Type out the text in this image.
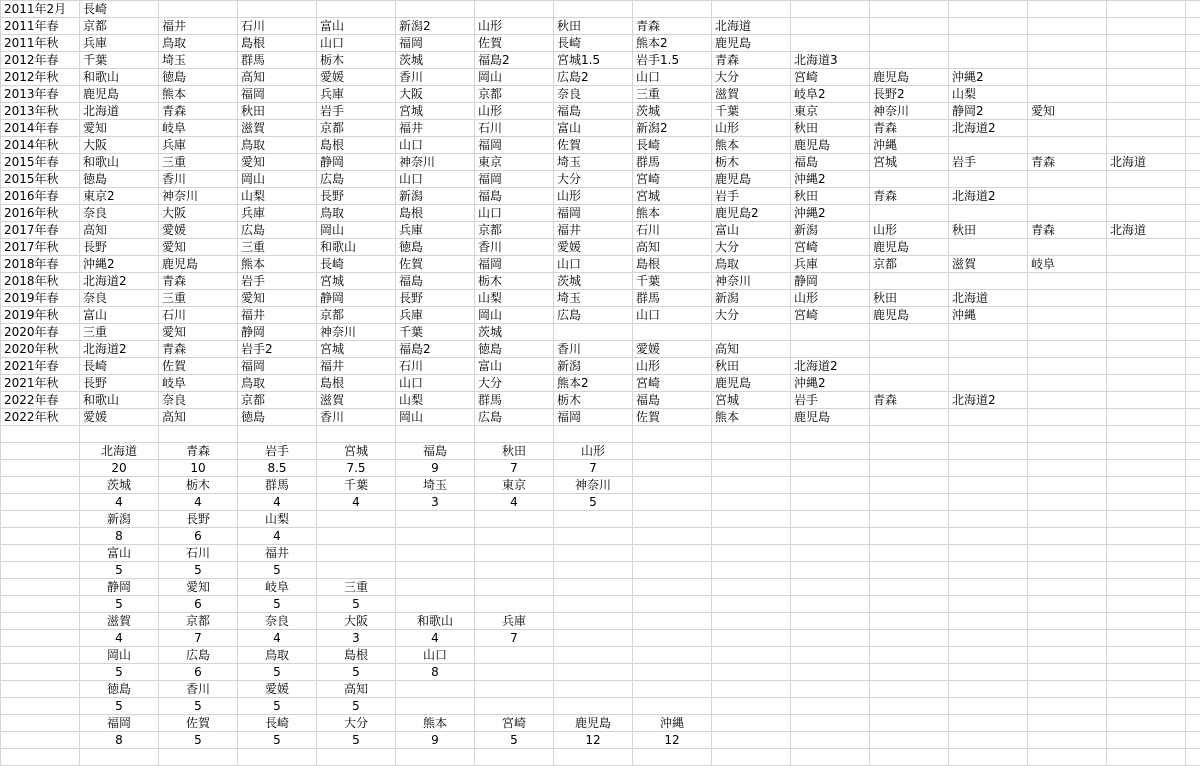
2011年2月	長崎														
2011年春	京都	福井	石川	富山	新潟2	山形	秋田	青森	北海道						
2011年秋	兵庫	鳥取	島根	山口	福岡	佐賀	長崎	熊本2	鹿児島						
2012年春	千葉	埼玉	群馬	栃木	茨城	福島2	宮城1.5	岩手1.5	青森	北海道3					
2012年秋	和歌山	徳島	高知	愛媛	香川	岡山	広島2	山口	大分	宮崎	鹿児島	沖縄2			
2013年春	鹿児島	熊本	福岡	兵庫	大阪	京都	奈良	三重	滋賀	岐阜2	長野2	山梨			
2013年秋	北海道	青森	秋田	岩手	宮城	山形	福島	茨城	千葉	東京	神奈川	静岡2	愛知		
2014年春	愛知	岐阜	滋賀	京都	福井	石川	富山	新潟2	山形	秋田	青森	北海道2			
2014年秋	大阪	兵庫	鳥取	島根	山口	福岡	佐賀	長崎	熊本	鹿児島	沖縄				
2015年春	和歌山	三重	愛知	静岡	神奈川	東京	埼玉	群馬	栃木	福島	宮城	岩手	青森	北海道	
2015年秋	徳島	香川	岡山	広島	山口	福岡	大分	宮崎	鹿児島	沖縄2					
2016年春	東京2	神奈川	山梨	長野	新潟	福島	山形	宮城	岩手	秋田	青森	北海道2			
2016年秋	奈良	大阪	兵庫	鳥取	島根	山口	福岡	熊本	鹿児島2	沖縄2					
2017年春	高知	愛媛	広島	岡山	兵庫	京都	福井	石川	富山	新潟	山形	秋田	青森	北海道	
2017年秋	長野	愛知	三重	和歌山	徳島	香川	愛媛	高知	大分	宮崎	鹿児島				
2018年春	沖縄2	鹿児島	熊本	長崎	佐賀	福岡	山口	島根	鳥取	兵庫	京都	滋賀	岐阜		
2018年秋	北海道2	青森	岩手	宮城	福島	栃木	茨城	千葉	神奈川	静岡					
2019年春	奈良	三重	愛知	静岡	長野	山梨	埼玉	群馬	新潟	山形	秋田	北海道			
2019年秋	富山	石川	福井	京都	兵庫	岡山	広島	山口	大分	宮崎	鹿児島	沖縄			
2020年春	三重	愛知	静岡	神奈川	千葉	茨城									
2020年秋	北海道2	青森	岩手2	宮城	福島2	徳島	香川	愛媛	高知						
2021年春	長崎	佐賀	福岡	福井	石川	富山	新潟	山形	秋田	北海道2					
2021年秋	長野	岐阜	鳥取	島根	山口	大分	熊本2	宮崎	鹿児島	沖縄2					
2022年春	和歌山	奈良	京都	滋賀	山梨	群馬	栃木	福島	宮城	岩手	青森	北海道2			
2022年秋	愛媛	高知	徳島	香川	岡山	広島	福岡	佐賀	熊本	鹿児島					

	北海道	青森	岩手	宮城	福島	秋田	山形								
	20	10	8.5	7.5	9	7	7								
	茨城	栃木	群馬	千葉	埼玉	東京	神奈川								
	4	4	4	4	3	4	5								
	新潟	長野	山梨												
	8	6	4												
	富山	石川	福井												
	5	5	5												
	静岡	愛知	岐阜	三重											
	5	6	5	5											
	滋賀	京都	奈良	大阪	和歌山	兵庫									
	4	7	4	3	4	7									
	岡山	広島	鳥取	島根	山口										
	5	6	5	5	8										
	徳島	香川	愛媛	高知											
	5	5	5	5											
	福岡	佐賀	長崎	大分	熊本	宮崎	鹿児島	沖縄							
	8	5	5	5	9	5	12	12							
